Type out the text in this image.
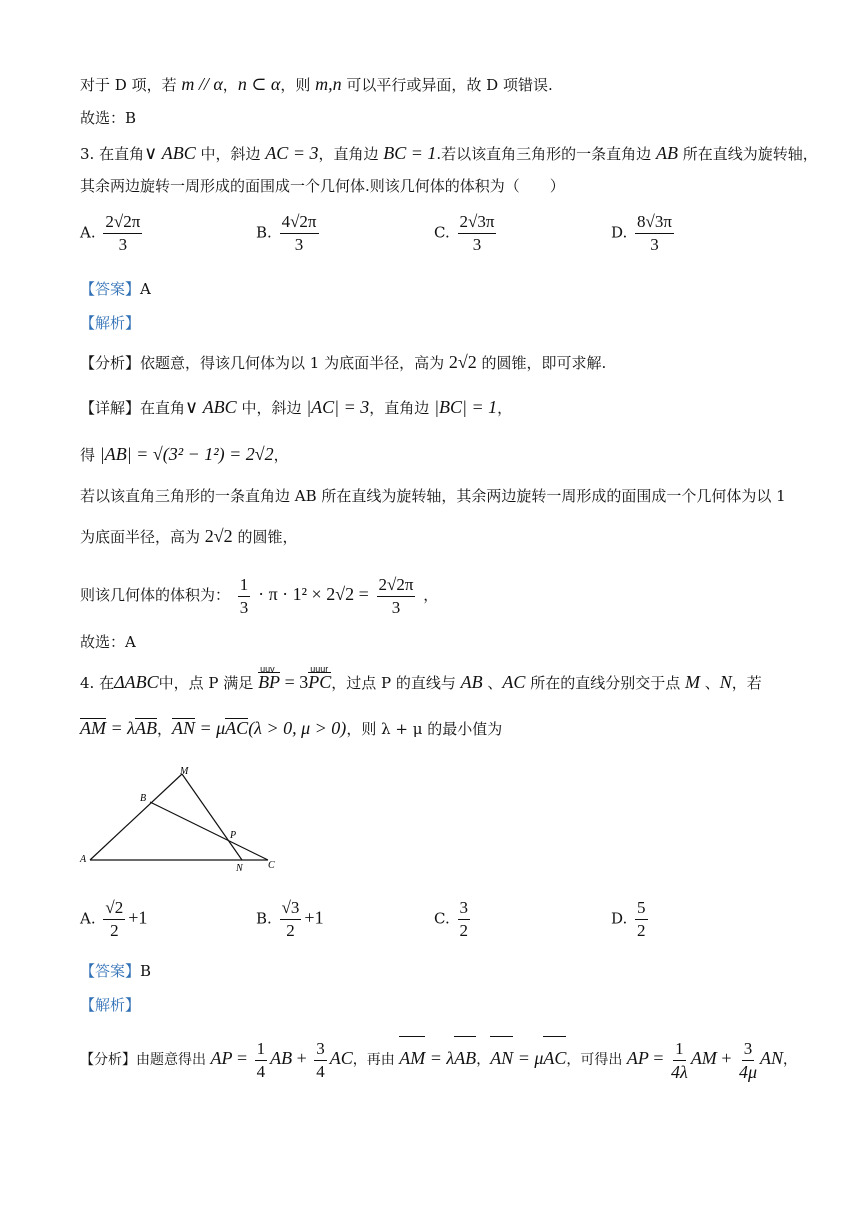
对于 D 项，若 m // α，n ⊂ α，则 m,n 可以平行或异面，故 D 项错误.
故选：B
3. 在直角∨ ABC 中，斜边 AC = 3，直角边 BC = 1.若以该直角三角形的一条直角边 AB 所在直线为旋转轴，
其余两边旋转一周形成的面围成一个几何体.则该几何体的体积为（　　）
A. $\frac{2√2\pi}{3}$	B. $\frac{4√2\pi}{3}$	C. $\frac{2√3\pi}{3}$	D. $\frac{8√3\pi}{3}$
【答案】A
【解析】
【分析】依题意，得该几何体为以 1 为底面半径，高为 2√2 的圆锥，即可求解.
【详解】在直角∨ ABC 中，斜边 |AC| = 3，直角边 |BC| = 1，
得 |AB| = √(3² − 1²) = 2√2，
若以该直角三角形的一条直角边 AB 所在直线为旋转轴，其余两边旋转一周形成的面围成一个几何体为以 1
为底面半径，高为 2√2 的圆锥，
则该几何体的体积为： $\frac{1}{3} \cdot \pi \cdot 1^2 \times 2√2 = \frac{2√2\pi}{3}$ ，
故选：A
4. 在ΔABC中，点 P 满足
uuv
BP = 3
uuur
PC，过点 P 的直线与 AB 、AC 所在的直线分别交于点 M 、N，若
AM = λAB，AN = μAC(λ > 0, μ > 0)，则 λ + μ 的最小值为
A
B
C
M
N
P
A. $\frac{√2}{2} +1$	B. $\frac{√3}{2} +1$	C. $\frac{3}{2}$	D. $\frac{5}{2}$
【答案】B
【解析】
【分析】由题意得出 AP = $\frac{1}{4}$ AB + $\frac{3}{4}$ AC，再由 AM = λAB，AN = μAC，可得出 AP = $\frac{1}{4\lambda}$ AM + $\frac{3}{4\mu}$ AN，
